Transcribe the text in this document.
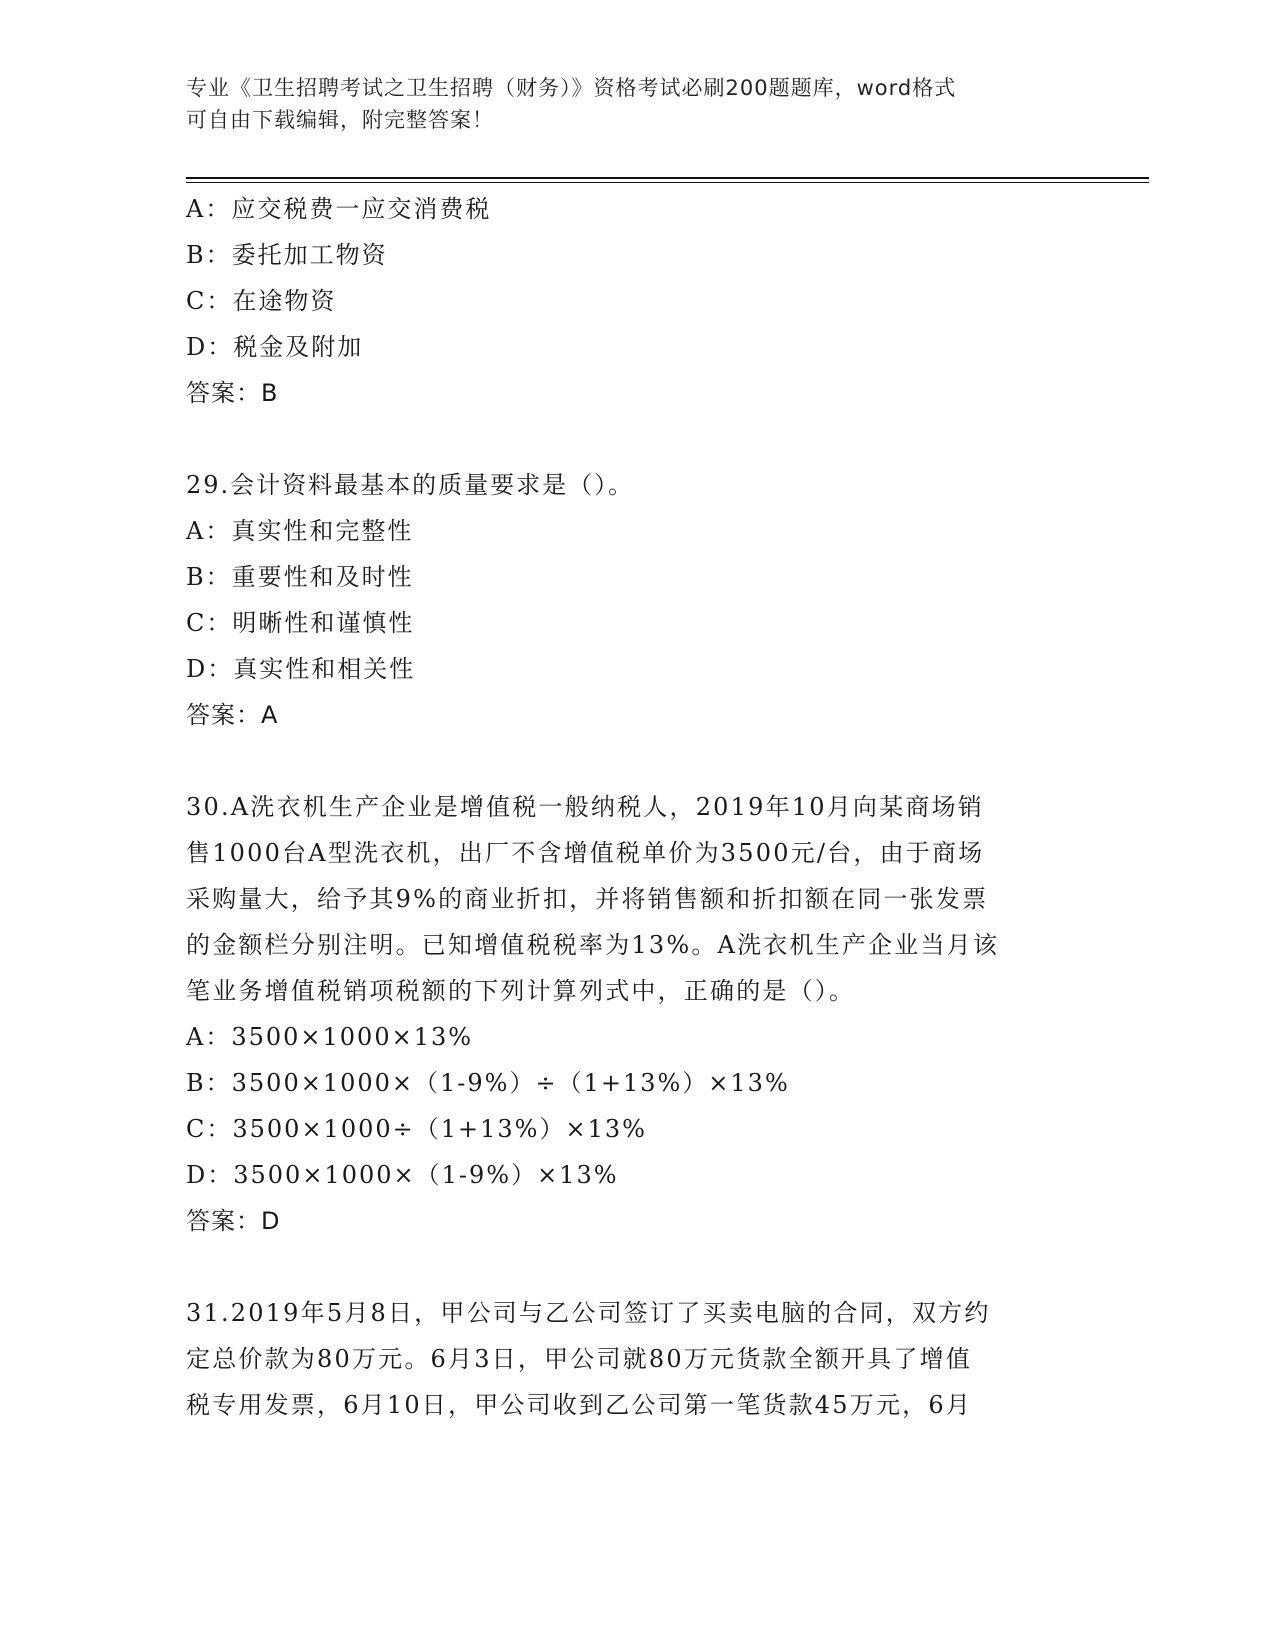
专业《卫生招聘考试之卫生招聘（财务）》资格考试必刷200题题库，word格式
可自由下载编辑，附完整答案！
A：应交税费一应交消费税
B：委托加工物资
C：在途物资
D：税金及附加
答案：B
29.会计资料最基本的质量要求是（）。
A：真实性和完整性
B：重要性和及时性
C：明晰性和谨慎性
D：真实性和相关性
答案：A
30.A洗衣机生产企业是增值税一般纳税人，2019年10月向某商场销
售1000台A型洗衣机，出厂不含增值税单价为3500元/台，由于商场
采购量大，给予其9%的商业折扣，并将销售额和折扣额在同一张发票
的金额栏分别注明。已知增值税税率为13%。A洗衣机生产企业当月该
笔业务增值税销项税额的下列计算列式中，正确的是（）。
A：3500×1000×13%
B：3500×1000×（1-9%）÷（1+13%）×13%
C：3500×1000÷（1+13%）×13%
D：3500×1000×（1-9%）×13%
答案：D
31.2019年5月8日，甲公司与乙公司签订了买卖电脑的合同，双方约
定总价款为80万元。6月3日，甲公司就80万元货款全额开具了增值
税专用发票，6月10日，甲公司收到乙公司第一笔货款45万元，6月
